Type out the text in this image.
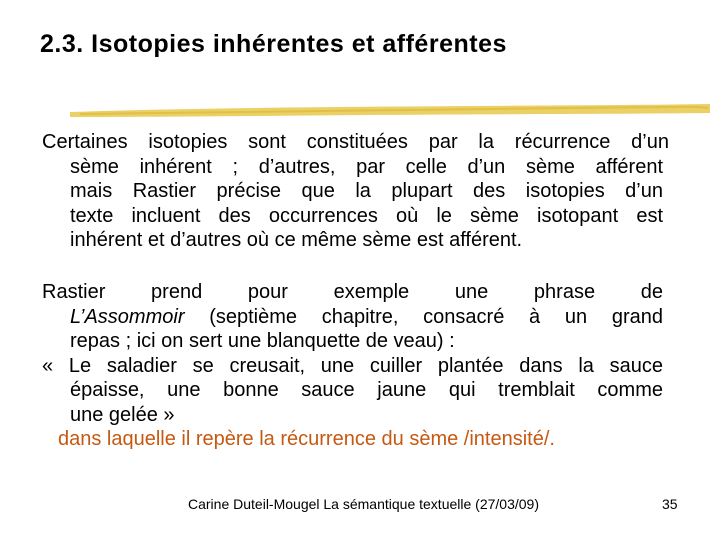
2.3. Isotopies inhérentes et afférentes
Certaines isotopies sont constituées par la récurrence d’un
sème inhérent ; d’autres, par celle d’un sème afférent
mais Rastier précise que la plupart des isotopies d’un
texte incluent des occurrences où le sème isotopant est
inhérent et d’autres où ce même sème est afférent.
Rastier prend pour exemple une phrase de
L’Assommoir (septième chapitre, consacré à un grand
repas ; ici on sert une blanquette de veau) :
« Le saladier se creusait, une cuiller plantée dans la sauce
épaisse, une bonne sauce jaune qui tremblait comme
une gelée »
dans laquelle il repère la récurrence du sème /intensité/.
Carine Duteil-Mougel La sémantique textuelle (27/03/09)	35
